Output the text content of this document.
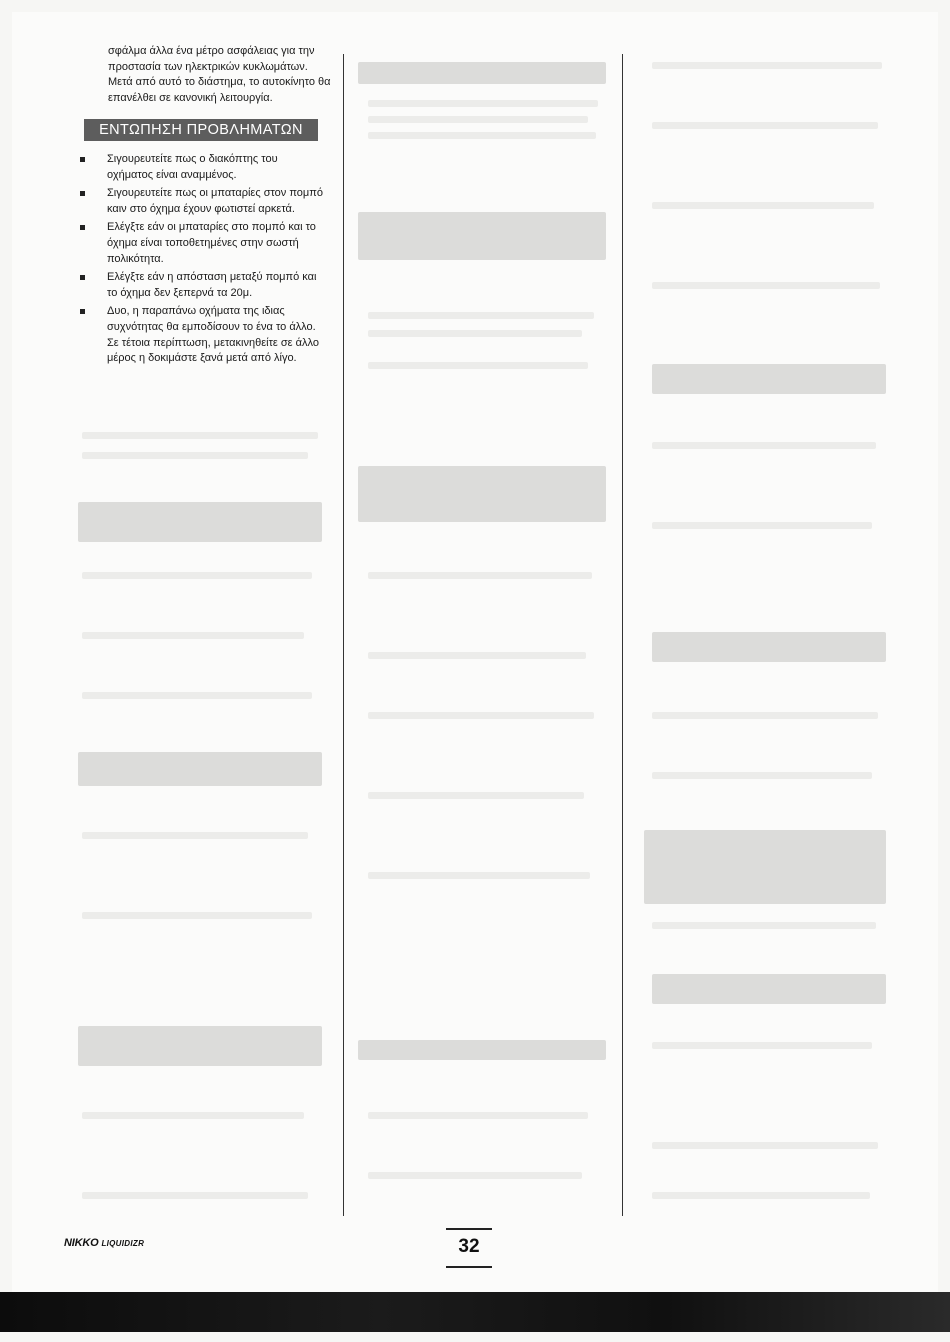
σφάλμα άλλα ένα μέτρο ασφάλειας για την προστασία των ηλεκτρικών κυκλωμάτων. Μετά από αυτό το διάστημα, το αυτοκίνητο θα επανέλθει σε κανονική λειτουργία.
ΕΝΤΩΠΗΣΗ ΠΡΟΒΛΗΜΑΤΩΝ
Σιγουρευτείτε πως ο διακόπτης του οχήματος είναι αναμμένος.
Σιγουρευτείτε πως οι μπαταρίες στον πομπό καιν στο όχημα έχουν φωτιστεί αρκετά.
Ελέγξτε εάν οι μπαταρίες στο πομπό και το όχημα είναι τοποθετημένες στην σωστή πολικότητα.
Ελέγξτε εάν η απόσταση μεταξύ πομπό και το όχημα δεν ξεπερνά τα 20μ.
Δυο, η παραπάνω οχήματα της ιδιας συχνότητας θα εμποδίσουν το ένα το άλλο. Σε τέτοια περίπτωση, μετακινηθείτε σε άλλο μέρος η δοκιμάστε ξανά μετά από λίγο.
NIKKO LIQUIDIZR	32
